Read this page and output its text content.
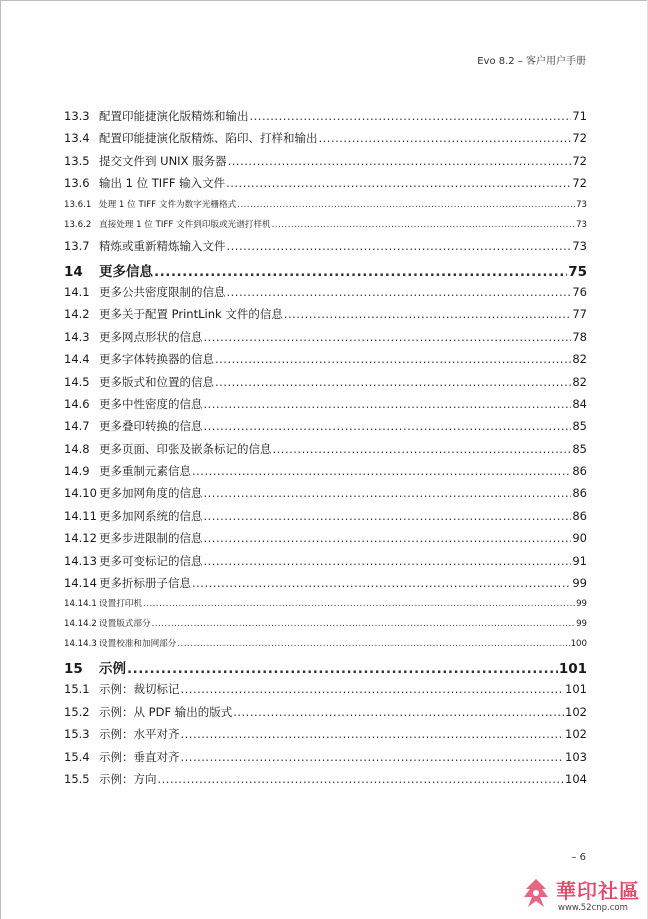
Evo 8.2 – 客户用户手册
13.3 配置印能捷演化版精炼和输出 .....	71
13.4 配置印能捷演化版精炼、陷印、打样和输出 .....	72
13.5 提交文件到 UNIX 服务器 .....	72
13.6 输出 1 位 TIFF 输入文件 .....	72
13.6.1 处理 1 位 TIFF 文件为数字光栅格式 .....	73
13.6.2 直接处理 1 位 TIFF 文件到印版或光谱打样机 .....	73
13.7 精炼或重新精炼输入文件 .....	73
14	更多信息 .....	75
14.1 更多公共密度限制的信息 .....	76
14.2 更多关于配置 PrintLink 文件的信息 .....	77
14.3 更多网点形状的信息 .....	78
14.4 更多字体转换器的信息 .....	82
14.5 更多版式和位置的信息 .....	82
14.6 更多中性密度的信息 .....	84
14.7 更多叠印转换的信息 .....	85
14.8 更多页面、印张及嵌条标记的信息 .....	85
14.9 更多重制元素信息 .....	86
14.10 更多加网角度的信息 .....	86
14.11 更多加网系统的信息 .....	86
14.12 更多步进限制的信息 .....	90
14.13 更多可变标记的信息 .....	91
14.14 更多折标册子信息 .....	99
14.14.1 设置打印机 .....	99
14.14.2 设置版式部分 .....	99
14.14.3 设置校准和加网部分 .....	100
15	示例 .....	101
15.1 示例：裁切标记 .....	101
15.2 示例：从 PDF 输出的版式 .....	102
15.3 示例：水平对齐 .....	102
15.4 示例：垂直对齐 .....	103
15.5 示例：方向 .....	104
– 6
華印社區
www.52cnp.com
